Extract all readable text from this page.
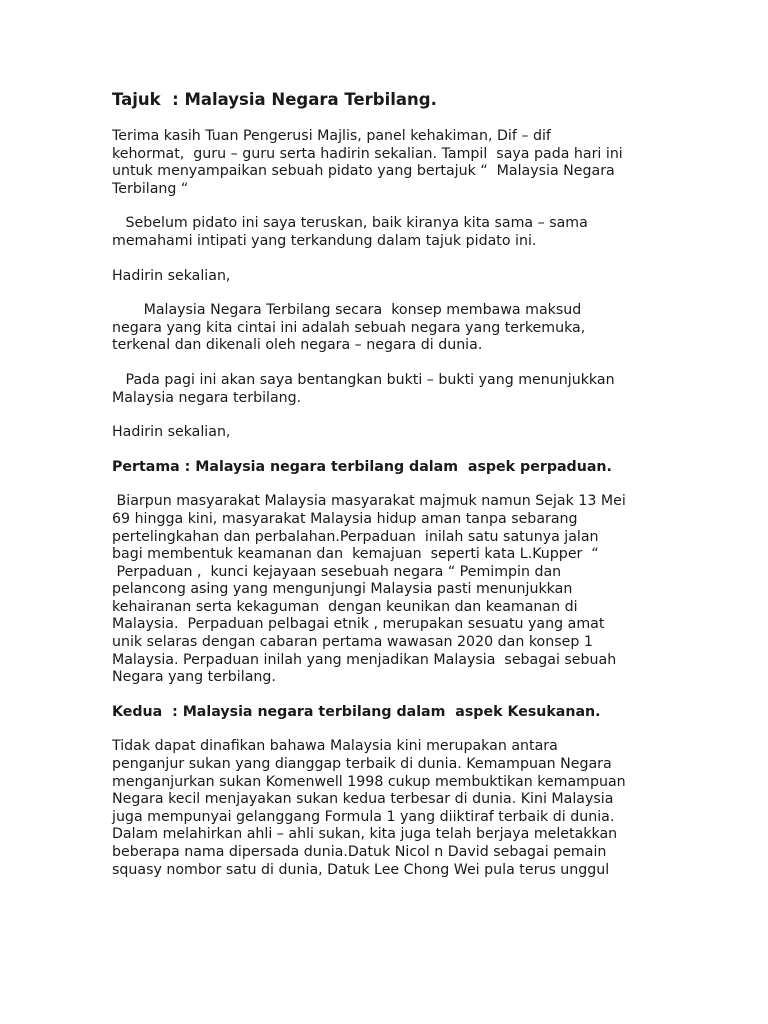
Tajuk  : Malaysia Negara Terbilang.

Terima kasih Tuan Pengerusi Majlis, panel kehakiman, Dif – dif
kehormat,  guru – guru serta hadirin sekalian. Tampil  saya pada hari ini
untuk menyampaikan sebuah pidato yang bertajuk “  Malaysia Negara
Terbilang “

Sebelum pidato ini saya teruskan, baik kiranya kita sama – sama
memahami intipati yang terkandung dalam tajuk pidato ini.

Hadirin sekalian,

Malaysia Negara Terbilang secara  konsep membawa maksud
negara yang kita cintai ini adalah sebuah negara yang terkemuka,
terkenal dan dikenali oleh negara – negara di dunia.

Pada pagi ini akan saya bentangkan bukti – bukti yang menunjukkan
Malaysia negara terbilang.

Hadirin sekalian,

Pertama : Malaysia negara terbilang dalam  aspek perpaduan.

Biarpun masyarakat Malaysia masyarakat majmuk namun Sejak 13 Mei
69 hingga kini, masyarakat Malaysia hidup aman tanpa sebarang
pertelingkahan dan perbalahan.Perpaduan  inilah satu satunya jalan
bagi membentuk keamanan dan  kemajuan  seperti kata L.Kupper  “
Perpaduan ,  kunci kejayaan sesebuah negara “ Pemimpin dan
pelancong asing yang mengunjungi Malaysia pasti menunjukkan
kehairanan serta kekaguman  dengan keunikan dan keamanan di
Malaysia.  Perpaduan pelbagai etnik , merupakan sesuatu yang amat
unik selaras dengan cabaran pertama wawasan 2020 dan konsep 1
Malaysia. Perpaduan inilah yang menjadikan Malaysia  sebagai sebuah
Negara yang terbilang.

Kedua  : Malaysia negara terbilang dalam  aspek Kesukanan.

Tidak dapat dinafikan bahawa Malaysia kini merupakan antara
penganjur sukan yang dianggap terbaik di dunia. Kemampuan Negara
menganjurkan sukan Komenwell 1998 cukup membuktikan kemampuan
Negara kecil menjayakan sukan kedua terbesar di dunia. Kini Malaysia
juga mempunyai gelanggang Formula 1 yang diiktiraf terbaik di dunia.
Dalam melahirkan ahli – ahli sukan, kita juga telah berjaya meletakkan
beberapa nama dipersada dunia.Datuk Nicol n David sebagai pemain
squasy nombor satu di dunia, Datuk Lee Chong Wei pula terus unggul
